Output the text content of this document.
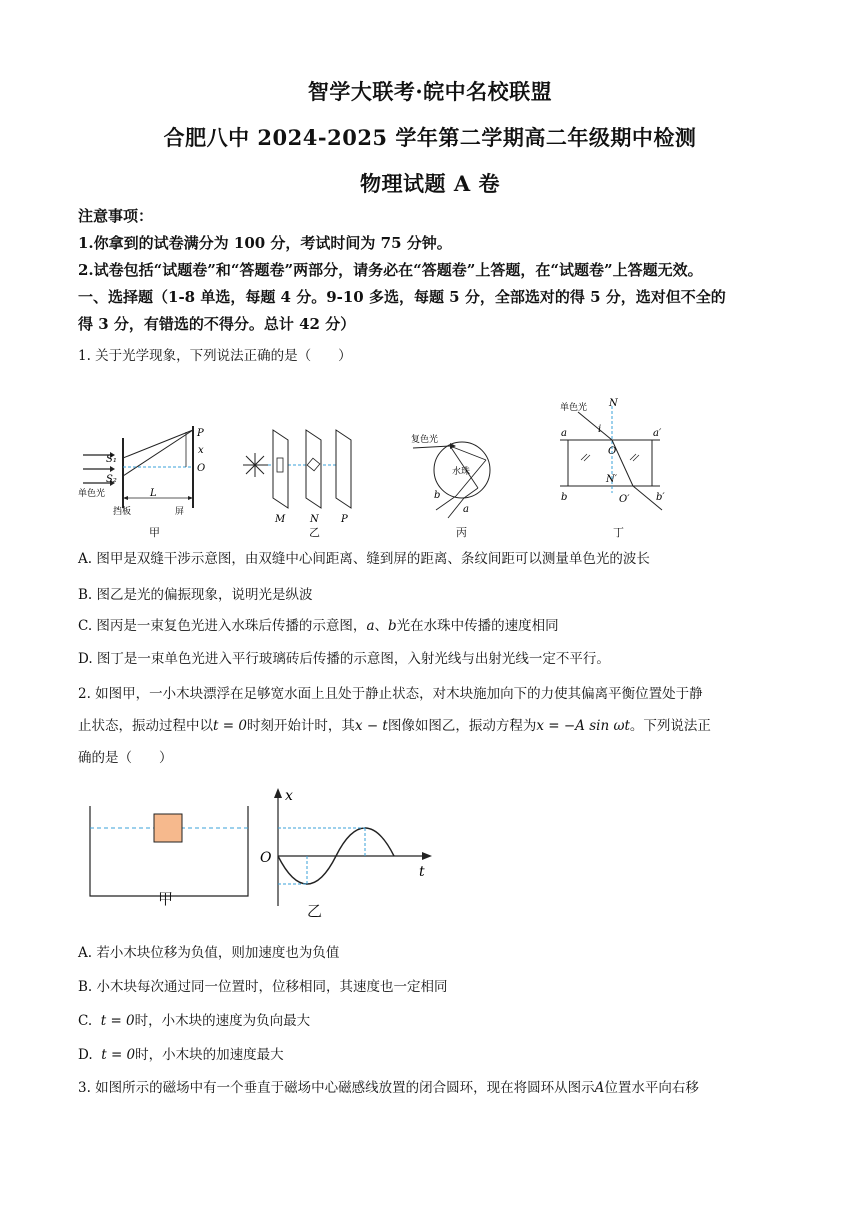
智学大联考·皖中名校联盟
合肥八中 2024-2025 学年第二学期高二年级期中检测
物理试题 A 卷
注意事项：
1.你拿到的试卷满分为 100 分，考试时间为 75 分钟。
2.试卷包括“试题卷”和“答题卷”两部分，请务必在“答题卷”上答题，在“试题卷”上答题无效。
一、选择题（1-8 单选，每题 4 分。9-10 多选，每题 5 分，全部选对的得 5 分，选对但不全的
得 3 分，有错选的不得分。总计 42 分）
1. 关于光学现象，下列说法正确的是（　　）
S₁
S₂
P
x
O
L
单色光
挡板	屏
M N P
复色光
水珠
a
b
单色光 N
i
a
O
a′
b
N′
O′	b′
甲	乙	丙	丁
A. 图甲是双缝干涉示意图，由双缝中心间距离、缝到屏的距离、条纹间距可以测量单色光的波长
B. 图乙是光的偏振现象，说明光是纵波
C. 图丙是一束复色光进入水珠后传播的示意图，a、b光在水珠中传播的速度相同
D. 图丁是一束单色光进入平行玻璃砖后传播的示意图，入射光线与出射光线一定不平行。
2. 如图甲，一小木块漂浮在足够宽水面上且处于静止状态，对木块施加向下的力使其偏离平衡位置处于静
止状态，振动过程中以t = 0时刻开始计时，其x − t图像如图乙，振动方程为x = −A sin ωt。下列说法正
确的是（　　）
x
t
O
甲
乙
A. 若小木块位移为负值，则加速度也为负值
B. 小木块每次通过同一位置时，位移相同，其速度也一定相同
C. t = 0时，小木块的速度为负向最大
D. t = 0时，小木块的加速度最大
3. 如图所示的磁场中有一个垂直于磁场中心磁感线放置的闭合圆环，现在将圆环从图示A位置水平向右移
